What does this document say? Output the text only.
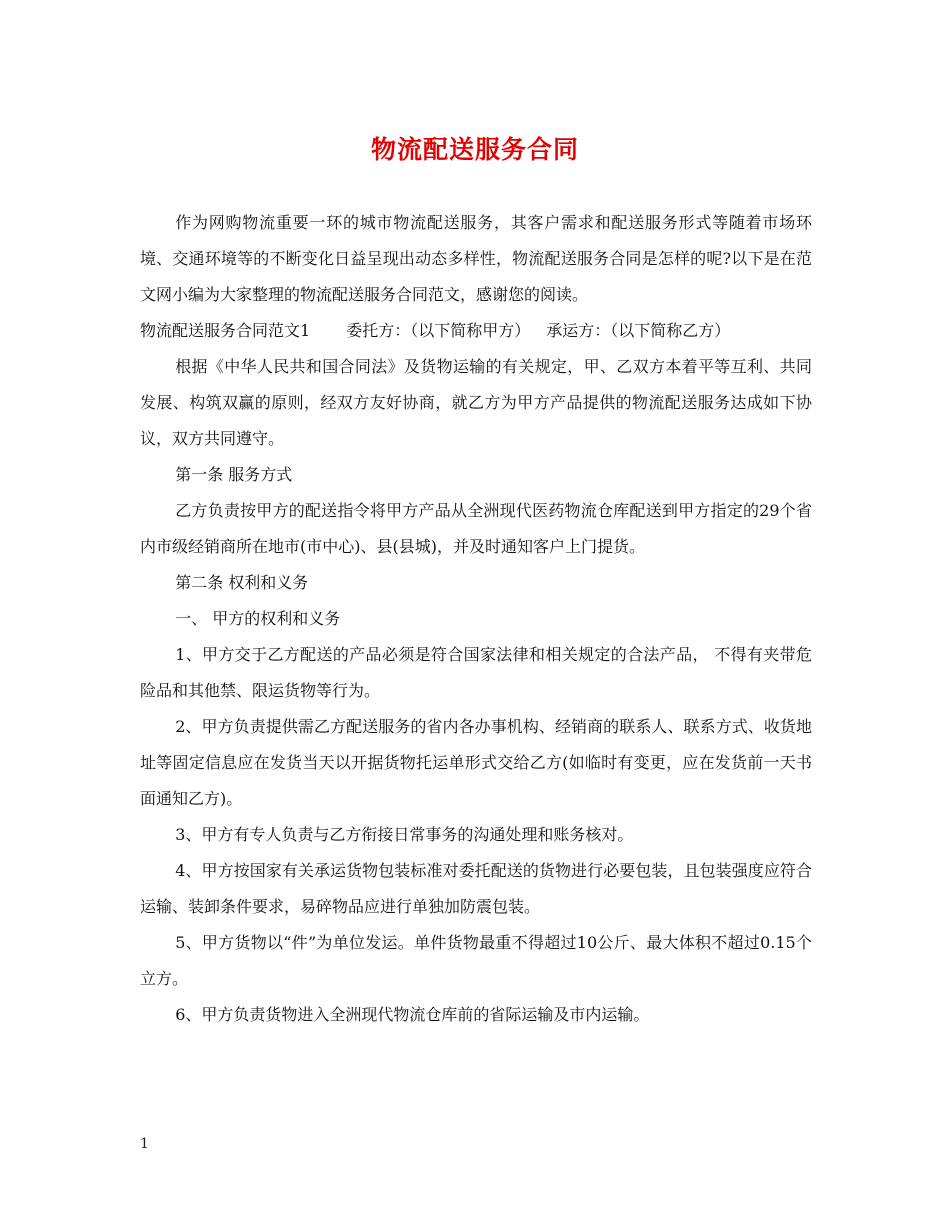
物流配送服务合同

作为网购物流重要一环的城市物流配送服务，其客户需求和配送服务形式等随着市场环境、交通环境等的不断变化日益呈现出动态多样性，物流配送服务合同是怎样的呢?以下是在范文网小编为大家整理的物流配送服务合同范文，感谢您的阅读。

物流配送服务合同范文1 委托方：（以下简称甲方） 承运方：（以下简称乙方）

根据《中华人民共和国合同法》及货物运输的有关规定，甲、乙双方本着平等互利、共同发展、构筑双赢的原则，经双方友好协商，就乙方为甲方产品提供的物流配送服务达成如下协议，双方共同遵守。

第一条 服务方式

乙方负责按甲方的配送指令将甲方产品从全洲现代医药物流仓库配送到甲方指定的29个省内市级经销商所在地市(市中心)、县(县城)，并及时通知客户上门提货。

第二条 权利和义务

一、 甲方的权利和义务

1、甲方交于乙方配送的产品必须是符合国家法律和相关规定的合法产品， 不得有夹带危险品和其他禁、限运货物等行为。

2、甲方负责提供需乙方配送服务的省内各办事机构、经销商的联系人、联系方式、收货地址等固定信息应在发货当天以开据货物托运单形式交给乙方(如临时有变更，应在发货前一天书面通知乙方)。

3、甲方有专人负责与乙方衔接日常事务的沟通处理和账务核对。

4、甲方按国家有关承运货物包装标准对委托配送的货物进行必要包装，且包装强度应符合运输、装卸条件要求，易碎物品应进行单独加防震包装。

5、甲方货物以“件”为单位发运。单件货物最重不得超过10公斤、最大体积不超过0.15个立方。

6、甲方负责货物进入全洲现代物流仓库前的省际运输及市内运输。

1
